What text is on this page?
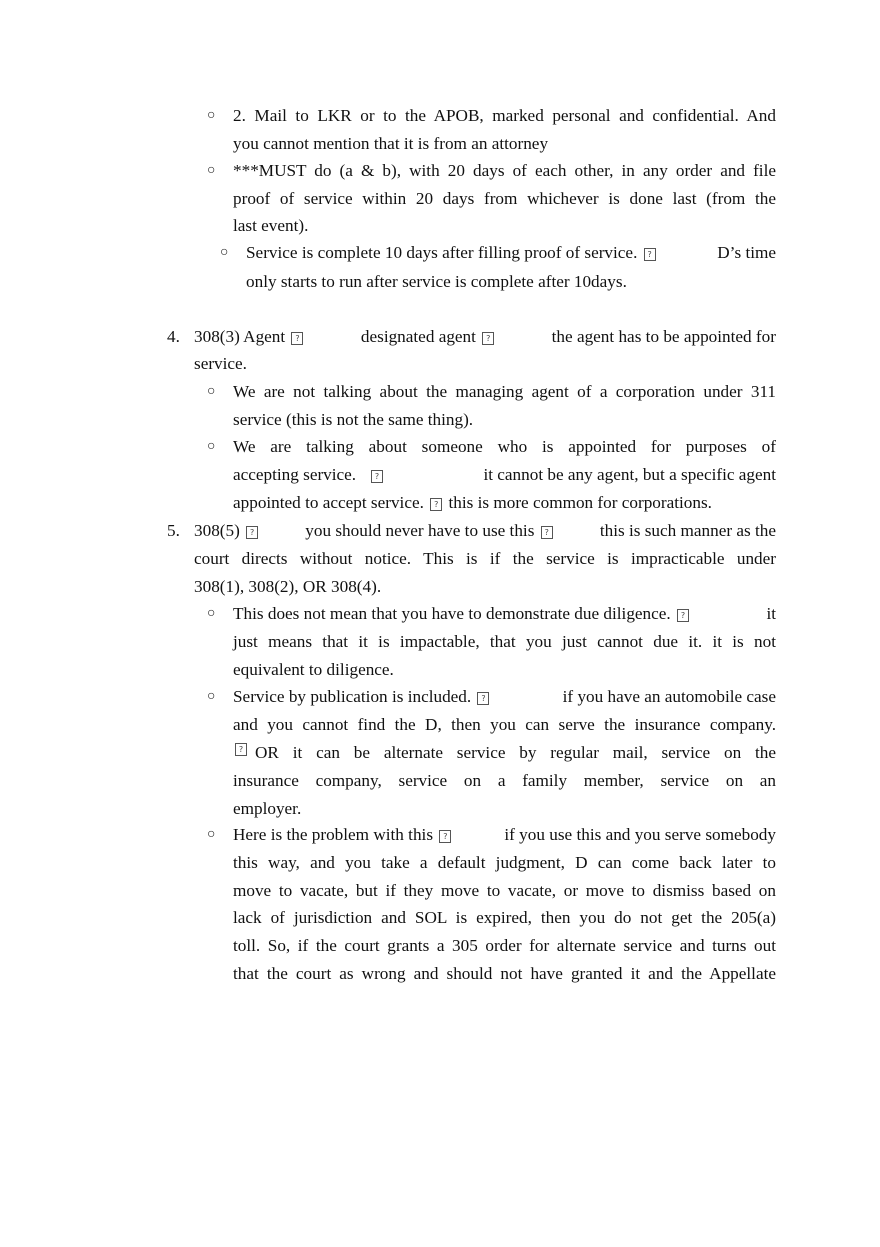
○ 2. Mail to LKR or to the APOB, marked personal and confidential. And
you cannot mention that it is from an attorney
○ ***MUST do (a & b), with 20 days of each other, in any order and file
proof of service within 20 days from whichever is done last (from the
last event).
○ Service is complete 10 days after filling proof of service. ?	D’s time
only starts to run after service is complete after 10days.
4. 308(3) Agent ?	designated agent ?	the agent has to be appointed for
service.
○ We are not talking about the managing agent of a corporation under 311
service (this is not the same thing).
○ We are talking about someone who is appointed for purposes of
accepting service. ?	it cannot be any agent, but a specific agent
appointed to accept service. ? this is more common for corporations.
5. 308(5) ?	you should never have to use this ?	this is such manner as the
court directs without notice. This is if the service is impracticable under
308(1), 308(2), OR 308(4).
○ This does not mean that you have to demonstrate due diligence. ?	it
just means that it is impactable, that you just cannot due it. it is not
equivalent to diligence.
○ Service by publication is included. ?	if you have an automobile case
and you cannot find the D, then you can serve the insurance company.
? OR it can be alternate service by regular mail, service on the
insurance company, service on a family member, service on an
employer.
○ Here is the problem with this ?	if you use this and you serve somebody
this way, and you take a default judgment, D can come back later to
move to vacate, but if they move to vacate, or move to dismiss based on
lack of jurisdiction and SOL is expired, then you do not get the 205(a)
toll. So, if the court grants a 305 order for alternate service and turns out
that the court as wrong and should not have granted it and the Appellate
